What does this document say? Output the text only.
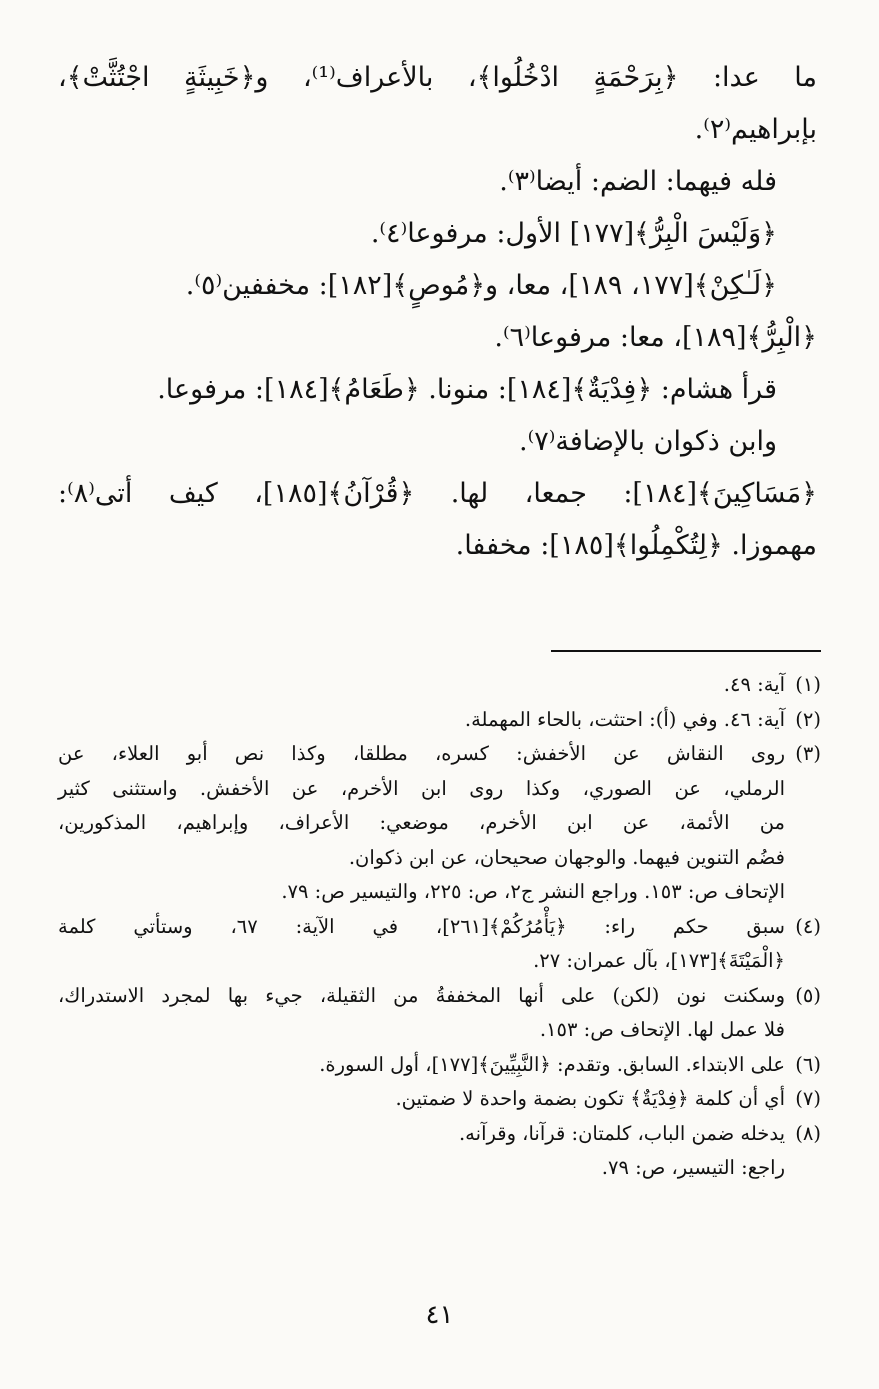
ما عدا: ﴿بِرَحْمَةٍ ادْخُلُوا﴾، بالأعراف⁽¹⁾، و﴿خَبِيثَةٍ اجْتُثَّتْ﴾،

بإبراهيم⁽٢⁾.

فله فيهما: الضم: أيضا⁽٣⁾.

﴿وَلَيْسَ الْبِرُّ﴾[١٧٧] الأول: مرفوعا⁽٤⁾.

﴿لَـٰكِنْ﴾[١٧٧، ١٨٩]، معا، و﴿مُوصٍ﴾[١٨٢]: مخففين⁽٥⁾.

﴿الْبِرُّ﴾[١٨٩]، معا: مرفوعا⁽٦⁾.

قرأ هشام: ﴿فِدْيَةٌ﴾[١٨٤]: منونا. ﴿طَعَامُ﴾[١٨٤]: مرفوعا.

وابن ذكوان بالإضافة⁽٧⁾.

﴿مَسَاكِينَ﴾[١٨٤]: جمعا، لها. ﴿قُرْآنُ﴾[١٨٥]، كيف أتى⁽٨⁾:

مهموزا. ﴿لِتُكْمِلُوا﴾[١٨٥]: مخففا.

(١)
آية: ٤٩.
(٢)
آية: ٤٦. وفي (أ): احتثت، بالحاء المهملة.
(٣)
روى النقاش عن الأخفش: كسره، مطلقا، وكذا نص أبو العلاء، عن
الرملي، عن الصوري، وكذا روى ابن الأخرم، عن الأخفش. واستثنى كثير
من الأئمة، عن ابن الأخرم، موضعي: الأعراف، وإبراهيم، المذكورين،
فضُم التنوين فيهما. والوجهان صحيحان، عن ابن ذكوان.
الإتحاف ص: ١٥٣. وراجع النشر ج٢، ص: ٢٢٥، والتيسير ص: ٧٩.
(٤)
سبق حكم راء: ﴿يَأْمُرُكُمْ﴾[٢٦١]، في الآية: ٦٧، وستأتي كلمة
﴿الْمَيْتَةَ﴾[١٧٣]، بآل عمران: ٢٧.
(٥)
وسكنت نون (لكن) على أنها المخففةُ من الثقيلة، جيء بها لمجرد الاستدراك،
فلا عمل لها. الإتحاف ص: ١٥٣.
(٦)
على الابتداء. السابق. وتقدم: ﴿النَّبِيِّينَ﴾[١٧٧]، أول السورة.
(٧)
أي أن كلمة ﴿فِدْيَةٌ﴾ تكون بضمة واحدة لا ضمتين.
(٨)
يدخله ضمن الباب، كلمتان: قرآنا، وقرآنه.
راجع: التيسير، ص: ٧٩.
٤١
